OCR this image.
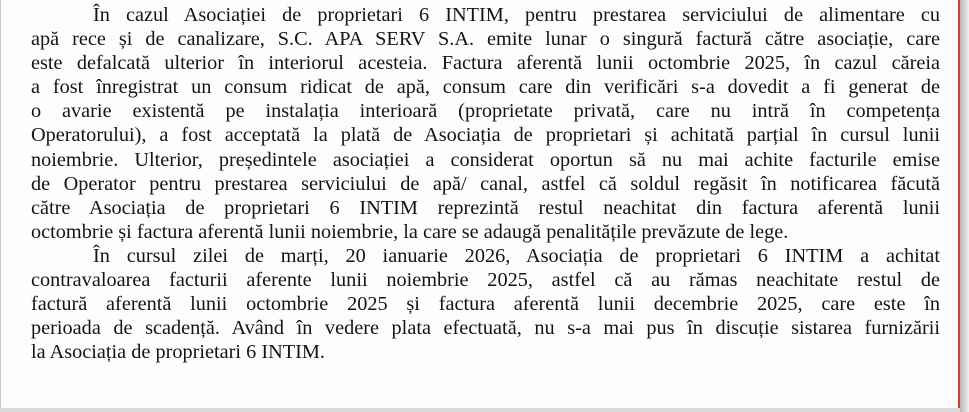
În cazul Asociației de proprietari 6 INTIM, pentru prestarea serviciului de alimentare cu
apă rece și de canalizare, S.C. APA SERV S.A. emite lunar o singură factură către asociație, care
este defalcată ulterior în interiorul acesteia. Factura aferentă lunii octombrie 2025, în cazul căreia
a fost înregistrat un consum ridicat de apă, consum care din verificări s-a dovedit a fi generat de
o avarie existentă pe instalația interioară (proprietate privată, care nu intră în competența
Operatorului), a fost acceptată la plată de Asociația de proprietari și achitată parțial în cursul lunii
noiembrie. Ulterior, președintele asociației a considerat oportun să nu mai achite facturile emise
de Operator pentru prestarea serviciului de apă/ canal, astfel că soldul regăsit în notificarea făcută
către Asociația de proprietari 6 INTIM reprezintă restul neachitat din factura aferentă lunii
octombrie și factura aferentă lunii noiembrie, la care se adaugă penalitățile prevăzute de lege.
În cursul zilei de marți, 20 ianuarie 2026, Asociația de proprietari 6 INTIM a achitat
contravaloarea facturii aferente lunii noiembrie 2025, astfel că au rămas neachitate restul de
factură aferentă lunii octombrie 2025 și factura aferentă lunii decembrie 2025, care este în
perioada de scadență. Având în vedere plata efectuată, nu s-a mai pus în discuție sistarea furnizării
la Asociația de proprietari 6 INTIM.
